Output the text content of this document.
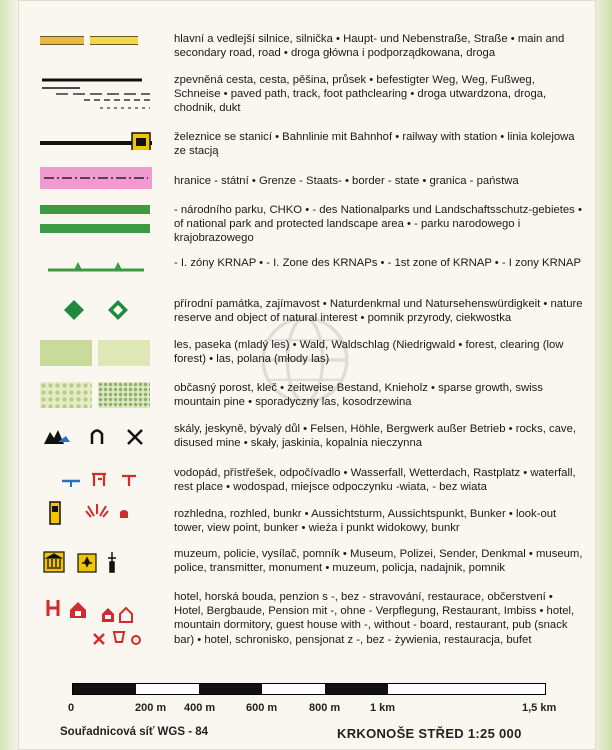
hlavní a vedlejší silnice, silnička • Haupt- und Nebenstraße, Straße • main and secondary road, road • droga główna i podporządkowana, droga
zpevněná cesta, cesta, pěšina, průsek • befestigter Weg, Weg, Fußweg, Schneise • paved path, track, foot pathclearing • droga utwardzona, droga, chodnik, dukt
železnice se stanicí • Bahnlinie mit Bahnhof • railway with station • linia kolejowa ze stacją
hranice - státní • Grenze - Staats- • border - state • granica - państwa
- národního parku, CHKO • - des Nationalparks und Landschaftsschutz-gebietes • of national park and protected landscape area • - parku narodowego i krajobrazowego
- I. zóny KRNAP • - I. Zone des KRNAPs • - 1st zone of KRNAP • - I zony KRNAP
přírodní památka, zajímavost • Naturdenkmal und Natursehenswürdigkeit • nature reserve and object of natural interest • pomnik przyrody, ciekwostka
les, paseka (mladý les) • Wald, Waldschlag (Niedrigwald • forest, clearing (low forest) • las, polana (młody las)
občasný porost, kleč • zeitweise Bestand, Knieholz • sparse growth, swiss mountain pine • sporadyczny las, kosodrzewina
skály, jeskyně, bývalý důl • Felsen, Höhle, Bergwerk außer Betrieb • rocks, cave, disused mine • skały, jaskinia, kopalnia nieczynna
vodopád, přístřešek, odpočívadlo • Wasserfall, Wetterdach, Rastplatz • waterfall, rest place • wodospad, miejsce odpoczynku -wiata, - bez wiata
rozhledna, rozhled, bunkr • Aussichtsturm, Aussichtspunkt, Bunker • look-out tower, view point, bunker • wieża i punkt widokowy, bunkr
muzeum, policie, vysílač, pomník • Museum, Polizei, Sender, Denkmal • museum, police, transmitter, monument • muzeum, policja, nadajnik, pomnik
hotel, horská bouda, penzion s -, bez - stravování, restaurace, občerstvení • Hotel, Bergbaude, Pension mit -, ohne - Verpflegung, Restaurant, Imbiss • hotel, mountain dormitory, guest house with -, without - board, restaurant, pub (snack bar) • hotel, schronisko, pensjonat z -, bez - żywienia, restauracja, bufet
0	200 m 400 m	600 m	800 m	1 km	1,5 km
Souřadnicová síť WGS - 84	KRKONOŠE STŘED 1:25 000
